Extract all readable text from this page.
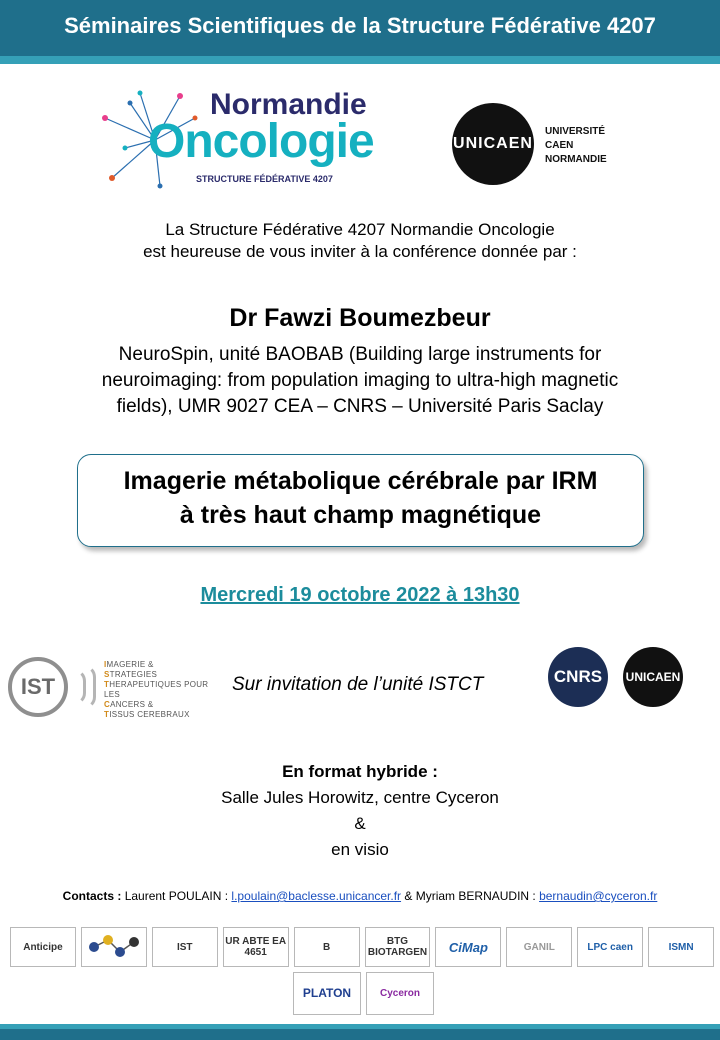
Séminaires Scientifiques de la Structure Fédérative 4207
Normandie
Oncologie
STRUCTURE FÉDÉRATIVE 4207
UNICAEN
UNIVERSITÉ
CAEN
NORMANDIE
La Structure Fédérative 4207 Normandie Oncologie
est heureuse de vous inviter à la conférence donnée par :
Dr Fawzi Boumezbeur
NeuroSpin, unité BAOBAB (Building large instruments for
neuroimaging: from population imaging to ultra-high magnetic
fields), UMR 9027 CEA – CNRS – Université Paris Saclay
Imagerie métabolique cérébrale par IRM
à très haut champ magnétique
Mercredi 19 octobre 2022 à 13h30
IST
IMAGERIE &
STRATEGIES
THERAPEUTIQUES POUR LES
CANCERS &
TISSUS CEREBRAUX
Sur invitation de l’unité ISTCT	CNRS	UNICAEN
En format hybride :
Salle Jules Horowitz, centre Cyceron
&
en visio
Contacts : Laurent POULAIN : l.poulain@baclesse.unicancer.fr & Myriam BERNAUDIN : bernaudin@cyceron.fr
Anticipe	IST	UR ABTE EA 4651	B	BTG BIOTARGEN	CiMap	GANIL	LPC caen	ISMN
PLATON	Cyceron
